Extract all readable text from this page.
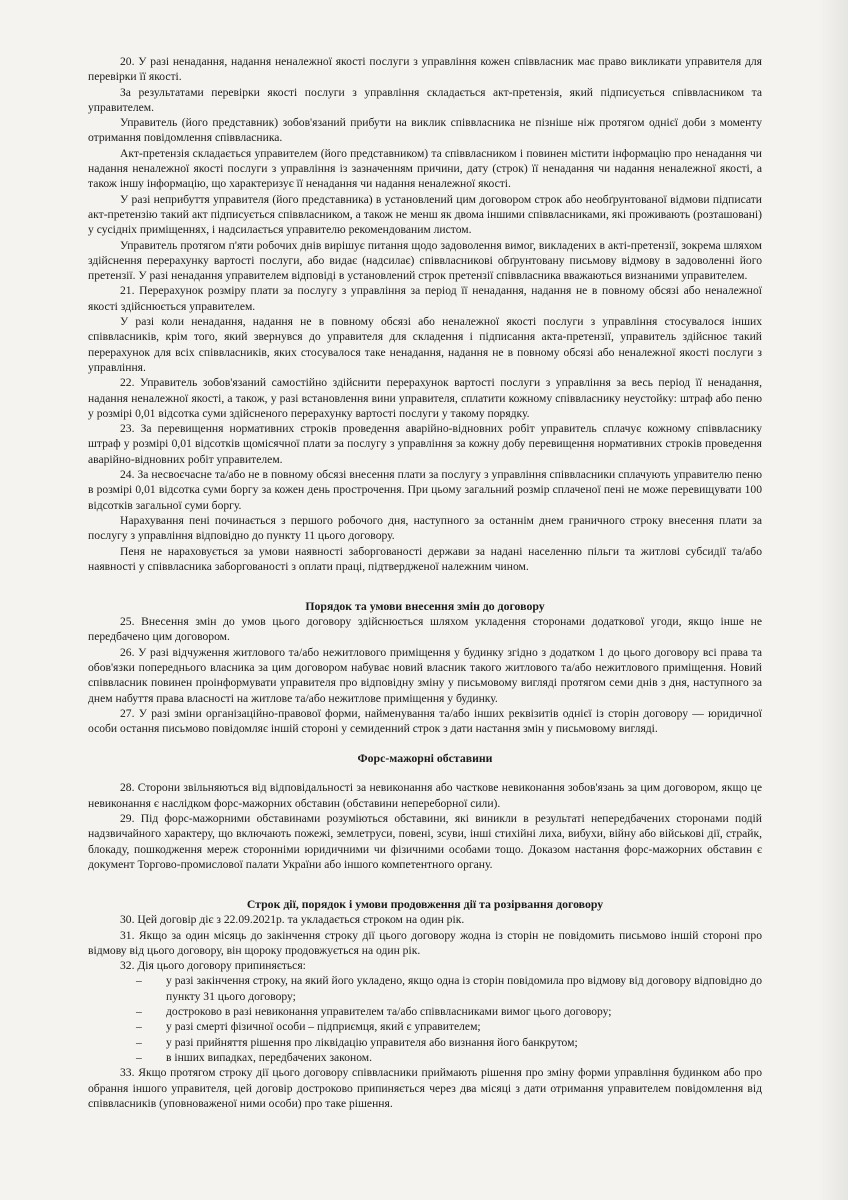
20. У разі ненадання, надання неналежної якості послуги з управління кожен співвласник має право викликати управителя для перевірки її якості.

За результатами перевірки якості послуги з управління складається акт-претензія, який підписується співвласником та управителем.

Управитель (його представник) зобов'язаний прибути на виклик співвласника не пізніше ніж протягом однієї доби з моменту отримання повідомлення співвласника.

Акт-претензія складається управителем (його представником) та співвласником і повинен містити інформацію про ненадання чи надання неналежної якості послуги з управління із зазначенням причини, дату (строк) її ненадання чи надання неналежної якості, а також іншу інформацію, що характеризує її ненадання чи надання неналежної якості.

У разі неприбуття управителя (його представника) в установлений цим договором строк або необґрунтованої відмови підписати акт-претензію такий акт підписується співвласником, а також не менш як двома іншими співвласниками, які проживають (розташовані) у суcідніх приміщеннях, і надсилається управителю рекомендованим листом.

Управитель протягом п'яти робочих днів вирішує питання щодо задоволення вимог, викладених в акті-претензії, зокрема шляхом здійснення перерахунку вартості послуги, або видає (надсилає) співвласникові обґрунтовану письмову відмову в задоволенні його претензії. У разі ненадання управителем відповіді в установлений строк претензії співвласника вважаються визнаними управителем.

21. Перерахунок розміру плати за послугу з управління за період її ненадання, надання не в повному обсязі або неналежної якості здійснюється управителем.

У разі коли ненадання, надання не в повному обсязі або неналежної якості послуги з управління стосувалося інших співвласників, крім того, який звернувся до управителя для складення і підписання акта-претензії, управитель здійснює такий перерахунок для всіх співвласників, яких стосувалося таке ненадання, надання не в повному обсязі або неналежної якості послуги з управління.

22. Управитель зобов'язаний самостійно здійснити перерахунок вартості послуги з управління за весь період її ненадання, надання неналежної якості, а також, у разі встановлення вини управителя, сплатити кожному співвласнику неустойку: штраф або пеню у розмірі 0,01 відсотка суми здійсненого перерахунку вартості послуги у такому порядку.

23. За перевищення нормативних строків проведення аварійно-відновних робіт управитель сплачує кожному співвласнику штраф у розмірі 0,01 відсотків щомісячної плати за послугу з управління за кожну добу перевищення нормативних строків проведення аварійно-відновних робіт управителем.

24. За несвоєчасне та/або не в повному обсязі внесення плати за послугу з управління співвласники сплачують управителю пеню в розмірі 0,01 відсотка суми боргу за кожен день прострочення. При цьому загальний розмір сплаченої пені не може перевищувати 100 відсотків загальної суми боргу.

Нарахування пені починається з першого робочого дня, наступного за останнім днем граничного строку внесення плати за послугу з управління відповідно до пункту 11 цього договору.

Пеня не нараховується за умови наявності заборгованості держави за надані населенню пільги та житлові субсидії та/або наявності у співвласника заборгованості з оплати праці, підтвердженої належним чином.

Порядок та умови внесення змін до договору

25. Внесення змін до умов цього договору здійснюється шляхом укладення сторонами додаткової угоди, якщо інше не передбачено цим договором.

26. У разі відчуження житлового та/або нежитлового приміщення у будинку згідно з додатком 1 до цього договору всі права та обов'язки попереднього власника за цим договором набуває новий власник такого житлового та/або нежитлового приміщення. Новий співвласник повинен проінформувати управителя про відповідну зміну у письмовому вигляді протягом семи днів з дня, наступного за днем набуття права власності на житлове та/або нежитлове приміщення у будинку.

27. У разі зміни організаційно-правової форми, найменування та/або інших реквізитів однієї із сторін договору — юридичної особи остання письмово повідомляє іншій стороні у семиденний строк з дати настання змін у письмовому вигляді.

Форс-мажорні обставини

28. Сторони звільняються від відповідальності за невиконання або часткове невиконання зобов'язань за цим договором, якщо це невиконання є наслідком форс-мажорних обставин (обставини непереборної сили).

29. Під форс-мажорними обставинами розуміються обставини, які виникли в результаті непередбачених сторонами подій надзвичайного характеру, що включають пожежі, землетруси, повені, зсуви, інші стихійні лиха, вибухи, війну або військові дії, страйк, блокаду, пошкодження мереж сторонніми юридичними чи фізичними особами тощо. Доказом настання форс-мажорних обставин є документ Торгово-промислової палати України або іншого компетентного органу.

Строк дії, порядок і умови продовження дії та розірвання договору

30. Цей договір діє з 22.09.2021р. та укладається строком на один рік.

31. Якщо за один місяць до закінчення строку дії цього договору жодна із сторін не повідомить письмово іншій стороні про відмову від цього договору, він щороку продовжується на один рік.

32. Дія цього договору припиняється:

– у разі закінчення строку, на який його укладено, якщо одна із сторін повідомила про відмову від договору відповідно до пункту 31 цього договору;
– достроково в разі невиконання управителем та/або співвласниками вимог цього договору;
– у разі смерті фізичної особи – підприємця, який є управителем;
– у разі прийняття рішення про ліквідацію управителя або визнання його банкрутом;
– в інших випадках, передбачених законом.

33. Якщо протягом строку дії цього договору співвласники приймають рішення про зміну форми управління будинком або про обрання іншого управителя, цей договір достроково припиняється через два місяці з дати отримання управителем повідомлення від співвласників (уповноваженої ними особи) про таке рішення.
